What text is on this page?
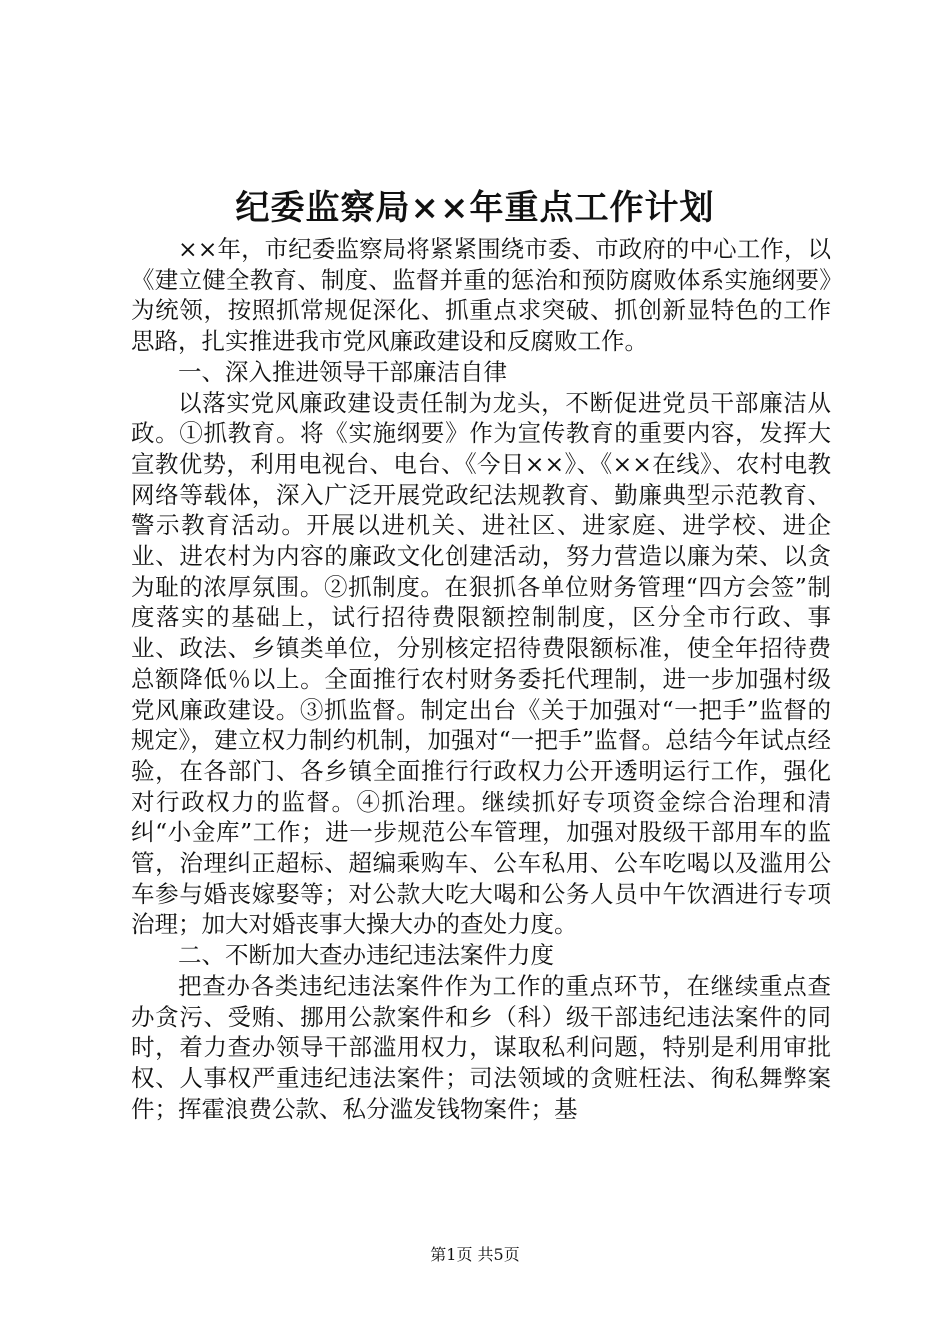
纪委监察局××年重点工作计划

××年，市纪委监察局将紧紧围绕市委、市政府的中心工作，以《建立健全教育、制度、监督并重的惩治和预防腐败体系实施纲要》为统领，按照抓常规促深化、抓重点求突破、抓创新显特色的工作思路，扎实推进我市党风廉政建设和反腐败工作。

一、深入推进领导干部廉洁自律

以落实党风廉政建设责任制为龙头，不断促进党员干部廉洁从政。①抓教育。将《实施纲要》作为宣传教育的重要内容，发挥大宣教优势，利用电视台、电台、《今日××》、《××在线》、农村电教网络等载体，深入广泛开展党政纪法规教育、勤廉典型示范教育、警示教育活动。开展以进机关、进社区、进家庭、进学校、进企业、进农村为内容的廉政文化创建活动，努力营造以廉为荣、以贪为耻的浓厚氛围。②抓制度。在狠抓各单位财务管理“四方会签”制度落实的基础上，试行招待费限额控制制度，区分全市行政、事业、政法、乡镇类单位，分别核定招待费限额标准，使全年招待费总额降低％以上。全面推行农村财务委托代理制，进一步加强村级党风廉政建设。③抓监督。制定出台《关于加强对“一把手”监督的规定》，建立权力制约机制，加强对“一把手”监督。总结今年试点经验，在各部门、各乡镇全面推行行政权力公开透明运行工作，强化对行政权力的监督。④抓治理。继续抓好专项资金综合治理和清纠“小金库”工作；进一步规范公车管理，加强对股级干部用车的监管，治理纠正超标、超编乘购车、公车私用、公车吃喝以及滥用公车参与婚丧嫁娶等；对公款大吃大喝和公务人员中午饮酒进行专项治理；加大对婚丧事大操大办的查处力度。

二、不断加大查办违纪违法案件力度

把查办各类违纪违法案件作为工作的重点环节，在继续重点查办贪污、受贿、挪用公款案件和乡（科）级干部违纪违法案件的同时，着力查办领导干部滥用权力，谋取私利问题，特别是利用审批权、人事权严重违纪违法案件；司法领域的贪赃枉法、徇私舞弊案件；挥霍浪费公款、私分滥发钱物案件；基

第1页 共5页
